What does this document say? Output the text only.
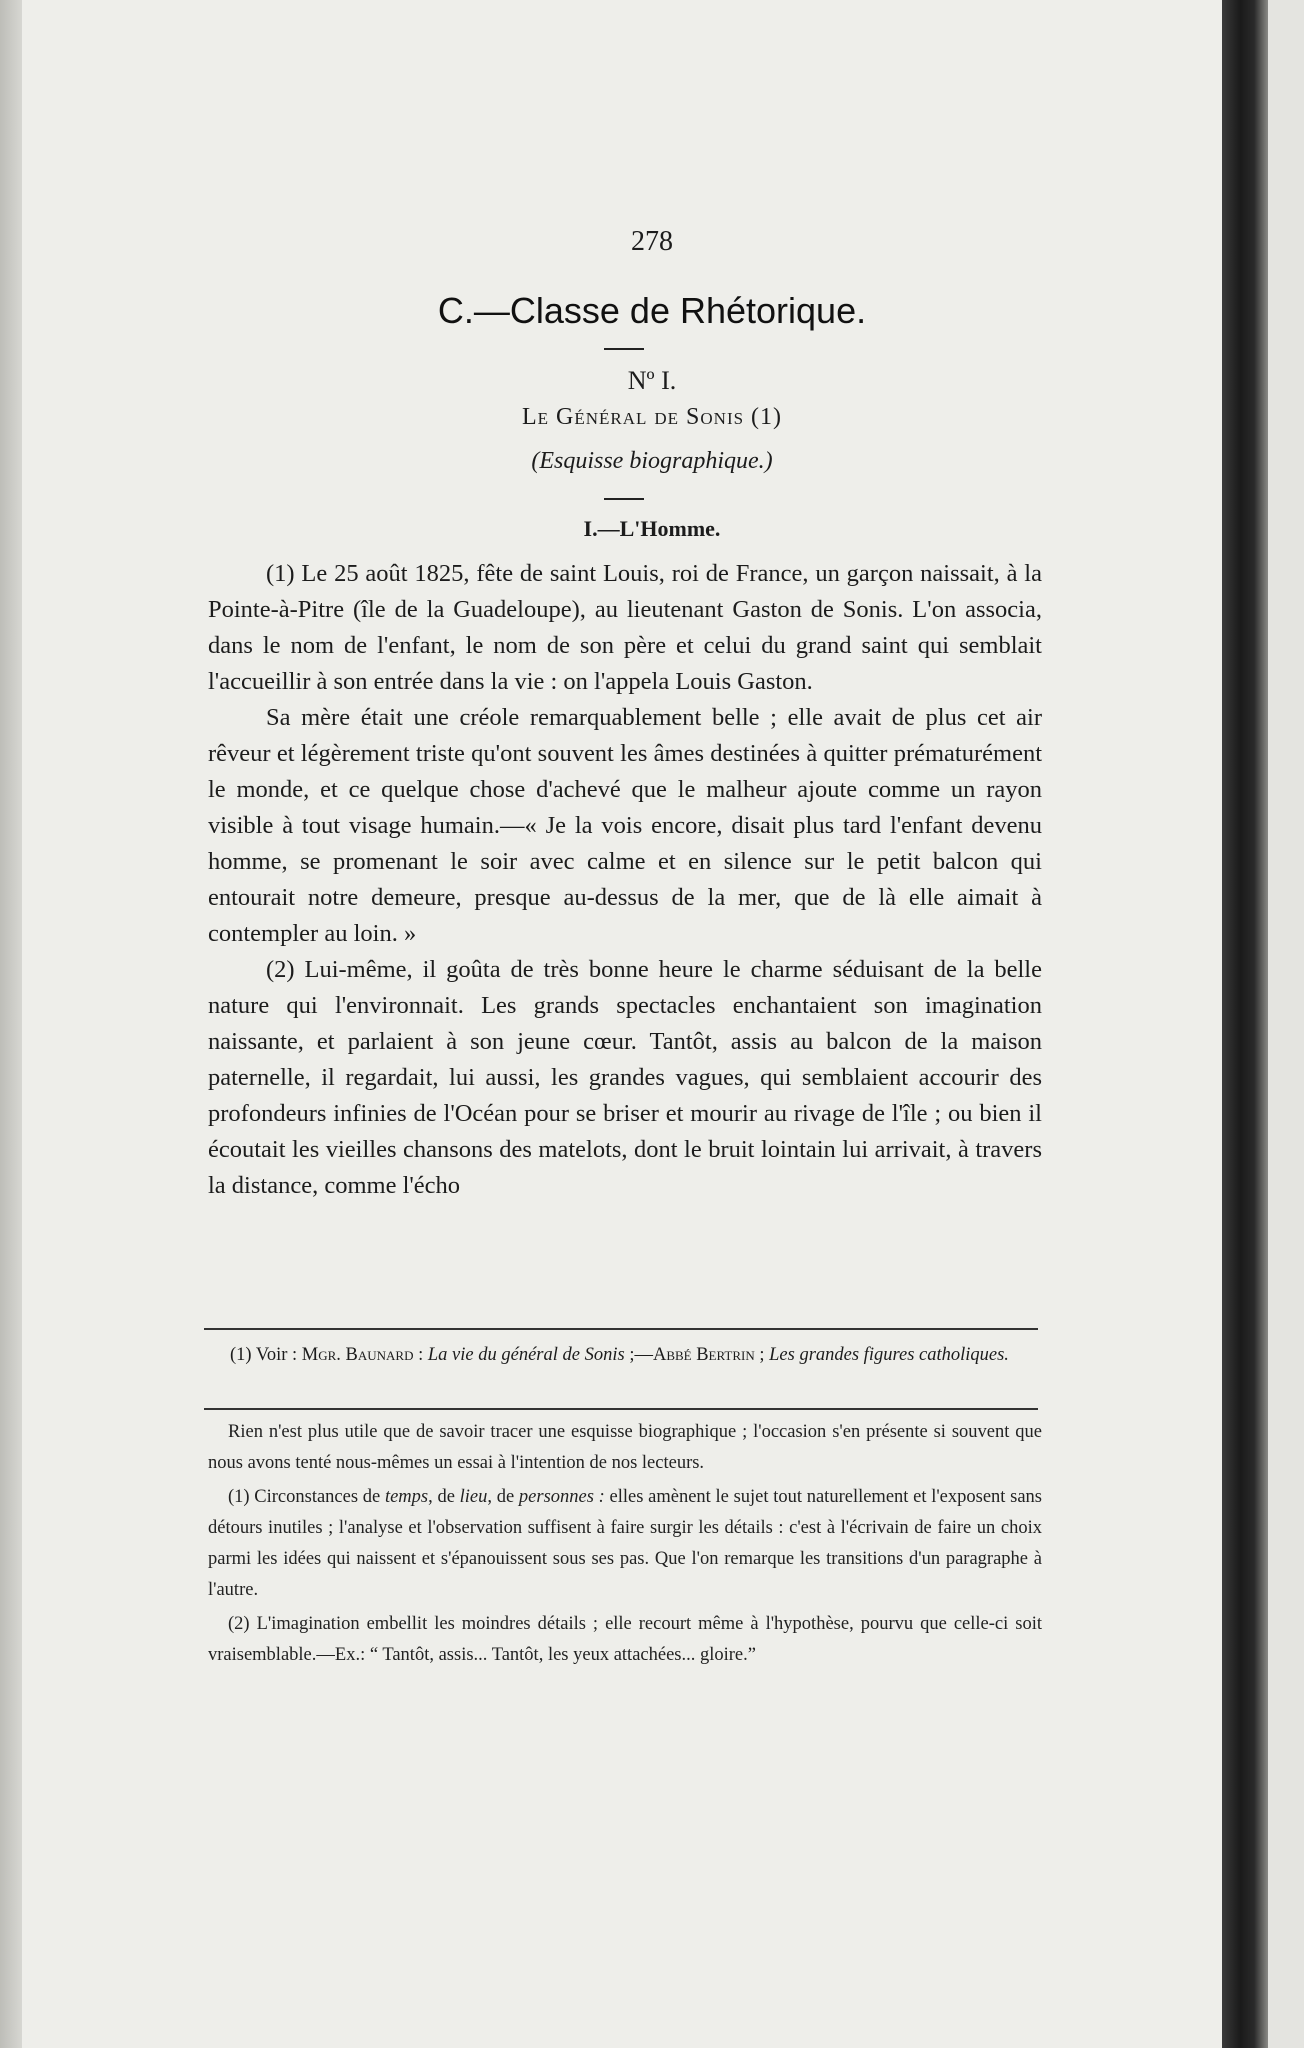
278
C.—Classe de Rhétorique.
Nº I.
Le Général de Sonis (1)
(Esquisse biographique.)
I.—L'Homme.

(1) Le 25 août 1825, fête de saint Louis, roi de France, un garçon naissait, à la Pointe-à-Pitre (île de la Guadeloupe), au lieutenant Gaston de Sonis. L'on associa, dans le nom de l'enfant, le nom de son père et celui du grand saint qui semblait l'accueillir à son entrée dans la vie : on l'appela Louis Gaston.

Sa mère était une créole remarquablement belle ; elle avait de plus cet air rêveur et légèrement triste qu'ont souvent les âmes destinées à quitter prématurément le monde, et ce quelque chose d'achevé que le malheur ajoute comme un rayon visible à tout visage humain.—« Je la vois encore, disait plus tard l'enfant devenu homme, se promenant le soir avec calme et en silence sur le petit balcon qui entourait notre demeure, presque au-dessus de la mer, que de là elle aimait à contempler au loin. »

(2) Lui-même, il goûta de très bonne heure le charme séduisant de la belle nature qui l'environnait. Les grands spectacles enchantaient son imagination naissante, et parlaient à son jeune cœur. Tantôt, assis au balcon de la maison paternelle, il regardait, lui aussi, les grandes vagues, qui semblaient accourir des profondeurs infinies de l'Océan pour se briser et mourir au rivage de l'île ; ou bien il écoutait les vieilles chansons des matelots, dont le bruit lointain lui arrivait, à travers la distance, comme l'écho

(1) Voir : Mgr. Baunard : La vie du général de Sonis ;—Abbé Bertrin ; Les grandes figures catholiques.

Rien n'est plus utile que de savoir tracer une esquisse biographique ; l'occasion s'en présente si souvent que nous avons tenté nous-mêmes un essai à l'intention de nos lecteurs.

(1) Circonstances de temps, de lieu, de personnes : elles amènent le sujet tout naturellement et l'exposent sans détours inutiles ; l'analyse et l'observation suffisent à faire surgir les détails : c'est à l'écrivain de faire un choix parmi les idées qui naissent et s'épanouissent sous ses pas. Que l'on remarque les transitions d'un paragraphe à l'autre.

(2) L'imagination embellit les moindres détails ; elle recourt même à l'hypothèse, pourvu que celle-ci soit vraisemblable.—Ex.: “ Tantôt, assis... Tantôt, les yeux attachées... gloire.”
